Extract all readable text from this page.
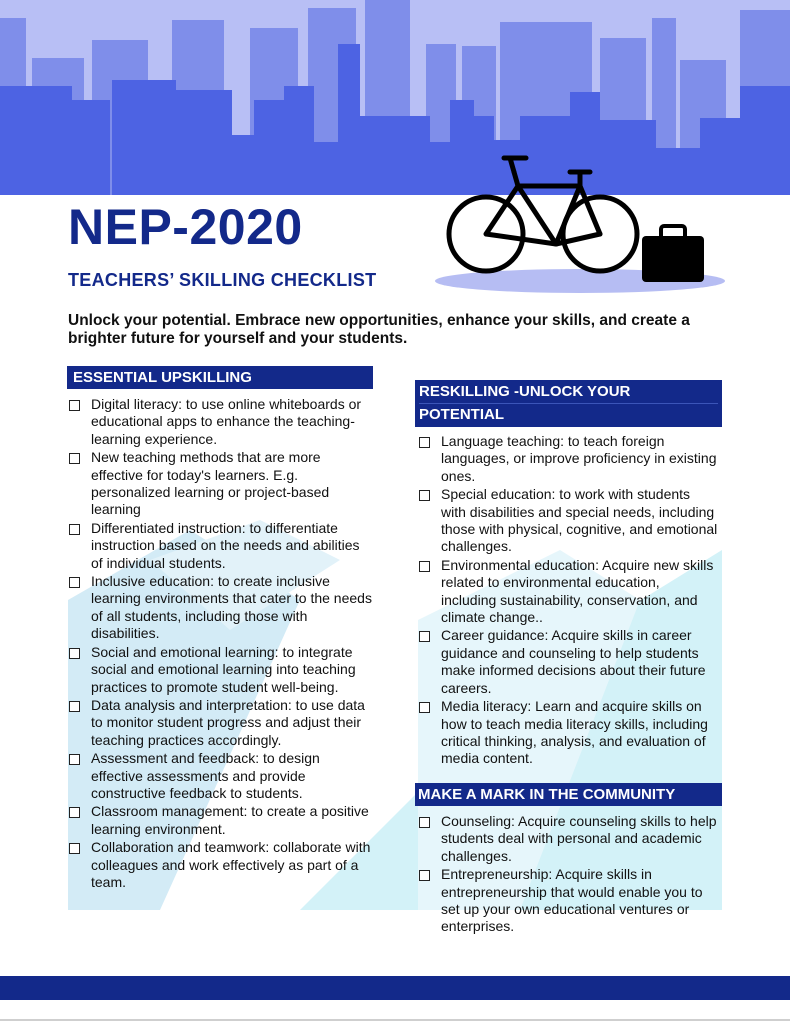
NEP-2020
TEACHERS’ SKILLING CHECKLIST

Unlock your potential. Embrace new opportunities, enhance your skills, and create a brighter future for yourself and your students.

ESSENTIAL UPSKILLING
Digital literacy: to use online whiteboards or educational apps to enhance the teaching-learning experience.
New teaching methods that are more effective for today's learners. E.g. personalized learning or project-based learning
Differentiated instruction: to differentiate instruction based on the needs and abilities of individual students.
Inclusive education: to create inclusive learning environments that cater to the needs of all students, including those with disabilities.
Social and emotional learning: to integrate social and emotional learning into teaching practices to promote student well-being.
Data analysis and interpretation: to use data to monitor student progress and adjust their teaching practices accordingly.
Assessment and feedback: to design effective assessments and provide constructive feedback to students.
Classroom management: to create a positive learning environment.
Collaboration and teamwork: collaborate with colleagues and work effectively as part of a team.
RESKILLING -UNLOCK YOUR
POTENTIAL
Language teaching: to teach foreign languages, or improve proficiency in existing ones.
Special education: to work with students with disabilities and special needs, including those with physical, cognitive, and emotional challenges.
Environmental education: Acquire new skills related to environmental education, including sustainability, conservation, and climate change..
Career guidance: Acquire skills in career guidance and counseling to help students make informed decisions about their future careers.
Media literacy: Learn and acquire skills on how to teach media literacy skills, including critical thinking, analysis, and evaluation of media content.
MAKE A MARK IN THE COMMUNITY
Counseling: Acquire counseling skills to help students deal with personal and academic challenges.
Entrepreneurship: Acquire skills in entrepreneurship that would enable you to set up your own educational ventures or enterprises.
